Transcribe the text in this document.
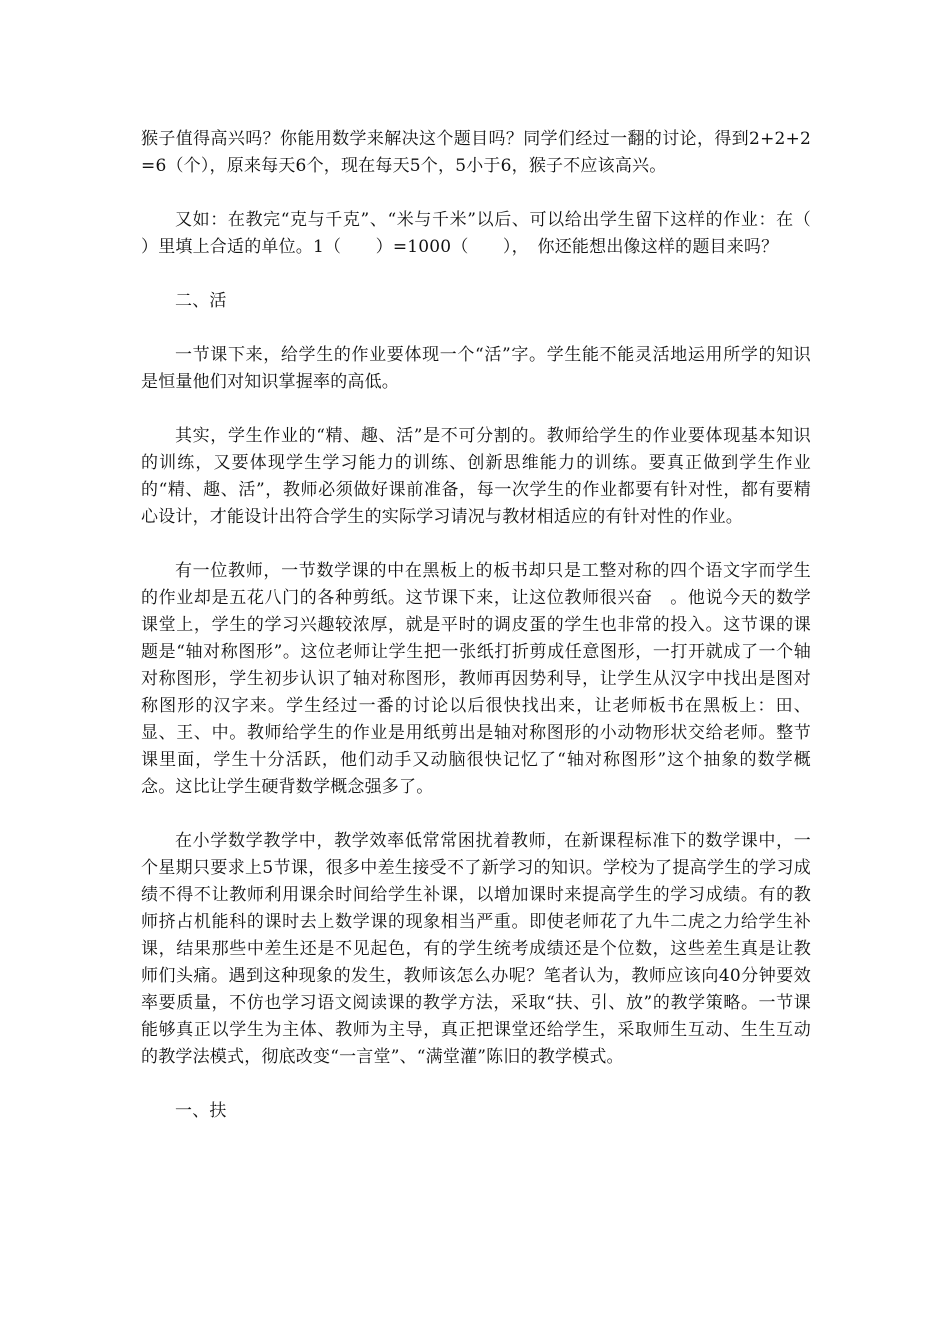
猴子值得高兴吗？你能用数学来解决这个题目吗？同学们经过一翻的讨论，得到2+2+2=6（个），原来每天6个，现在每天5个，5小于6，猴子不应该高兴。

又如：在教完“克与千克”、“米与千米”以后、可以给出学生留下这样的作业：在（　　　）里填上合适的单位。1（　　）=1000（　　），　你还能想出像这样的题目来吗？

二、活

一节课下来，给学生的作业要体现一个“活”字。学生能不能灵活地运用所学的知识是恒量他们对知识掌握率的高低。

其实，学生作业的“精、趣、活”是不可分割的。教师给学生的作业要体现基本知识的训练，又要体现学生学习能力的训练、创新思维能力的训练。要真正做到学生作业的“精、趣、活”，教师必须做好课前准备，每一次学生的作业都要有针对性，都有要精心设计，才能设计出符合学生的实际学习请况与教材相适应的有针对性的作业。

有一位教师，一节数学课的中在黑板上的板书却只是工整对称的四个语文字而学生的作业却是五花八门的各种剪纸。这节课下来，让这位教师很兴奋　。他说今天的数学课堂上，学生的学习兴趣较浓厚，就是平时的调皮蛋的学生也非常的投入。这节课的课题是“轴对称图形”。这位老师让学生把一张纸打折剪成任意图形，一打开就成了一个轴对称图形，学生初步认识了轴对称图形，教师再因势利导，让学生从汉字中找出是图对称图形的汉字来。学生经过一番的讨论以后很快找出来，让老师板书在黑板上：田、显、王、中。教师给学生的作业是用纸剪出是轴对称图形的小动物形状交给老师。整节课里面，学生十分活跃，他们动手又动脑很快记忆了“轴对称图形”这个抽象的数学概念。这比让学生硬背数学概念强多了。

在小学数学教学中，教学效率低常常困扰着教师，在新课程标准下的数学课中，一个星期只要求上5节课，很多中差生接受不了新学习的知识。学校为了提高学生的学习成绩不得不让教师利用课余时间给学生补课，以增加课时来提高学生的学习成绩。有的教师挤占机能科的课时去上数学课的现象相当严重。即使老师花了九牛二虎之力给学生补课，结果那些中差生还是不见起色，有的学生统考成绩还是个位数，这些差生真是让教师们头痛。遇到这种现象的发生，教师该怎么办呢？笔者认为，教师应该向40分钟要效率要质量，不仿也学习语文阅读课的教学方法，采取“扶、引、放”的教学策略。一节课能够真正以学生为主体、教师为主导，真正把课堂还给学生，采取师生互动、生生互动的教学法模式，彻底改变“一言堂”、“满堂灌”陈旧的教学模式。

一、扶
